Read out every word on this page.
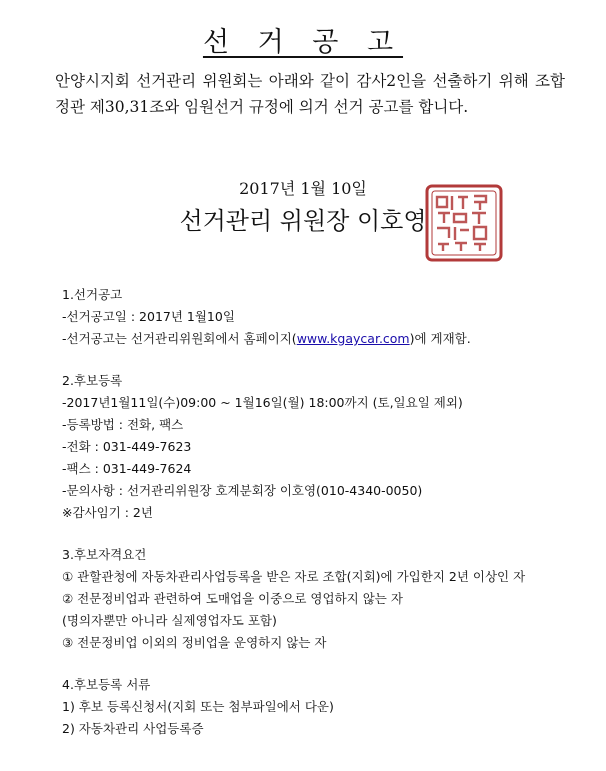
선 거 공 고
안양시지회 선거관리 위원회는 아래와 같이 감사2인을 선출하기 위해 조합정관 제30,31조와 임원선거 규정에 의거 선거 공고를 합니다.
2017년 1월 10일
선거관리 위원장 이호영
1.선거공고
-선거공고일 : 2017년 1월10일
-선거공고는 선거관리위원회에서 홈페이지(www.kgaycar.com)에 게재함.
2.후보등록
-2017년1월11일(수)09:00 ~ 1월16일(월) 18:00까지 (토,일요일 제외)
-등록방법 : 전화, 팩스
-전화 : 031-449-7623
-팩스 : 031-449-7624
-문의사항 : 선거관리위원장 호계분회장 이호영(010-4340-0050)
※감사임기 : 2년
3.후보자격요건
① 관할관청에 자동차관리사업등록을 받은 자로 조합(지회)에 가입한지 2년 이상인 자
② 전문정비업과 관련하여 도매업을 이중으로 영업하지 않는 자
(명의자뿐만 아니라 실제영업자도 포함)
③ 전문정비업 이외의 정비업을 운영하지 않는 자
4.후보등록 서류
1) 후보 등록신청서(지회 또는 첨부파일에서 다운)
2) 자동차관리 사업등록증
